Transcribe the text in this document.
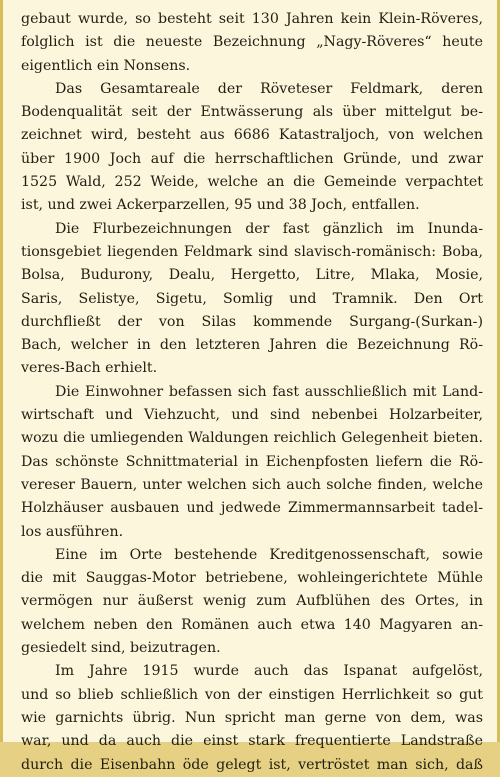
gebaut wurde, so besteht seit 130 Jahren kein Klein-Röveres,
folglich ist die neueste Bezeichnung „Nagy-Röveres“ heute
eigentlich ein Nonsens.
Das Gesamtareale der Röveteser Feldmark, deren
Bodenqualität seit der Entwässerung als über mittelgut be-
zeichnet wird, besteht aus 6686 Katastraljoch, von welchen
über 1900 Joch auf die herrschaftlichen Gründe, und zwar
1525 Wald, 252 Weide, welche an die Gemeinde verpachtet
ist, und zwei Ackerparzellen, 95 und 38 Joch, entfallen.
Die Flurbezeichnungen der fast gänzlich im Inunda-
tionsgebiet liegenden Feldmark sind slavisch-romänisch: Boba,
Bolsa, Budurony, Dealu, Hergetto, Litre, Mlaka, Mosie,
Saris, Selistye, Sigetu, Somlig und Tramnik. Den Ort
durchfließt der von Silas kommende Surgang-(Surkan-)
Bach, welcher in den letzteren Jahren die Bezeichnung Rö-
veres-Bach erhielt.
Die Einwohner befassen sich fast ausschließlich mit Land-
wirtschaft und Viehzucht, und sind nebenbei Holzarbeiter,
wozu die umliegenden Waldungen reichlich Gelegenheit bieten.
Das schönste Schnittmaterial in Eichenpfosten liefern die Rö-
vereser Bauern, unter welchen sich auch solche finden, welche
Holzhäuser ausbauen und jedwede Zimmermannsarbeit tadel-
los ausführen.
Eine im Orte bestehende Kreditgenossenschaft, sowie
die mit Sauggas-Motor betriebene, wohleingerichtete Mühle
vermögen nur äußerst wenig zum Aufblühen des Ortes, in
welchem neben den Romänen auch etwa 140 Magyaren an-
gesiedelt sind, beizutragen.
Im Jahre 1915 wurde auch das Ispanat aufgelöst,
und so blieb schließlich von der einstigen Herrlichkeit so gut
wie garnichts übrig. Nun spricht man gerne von dem, was
war, und da auch die einst stark frequentierte Landstraße
durch die Eisenbahn öde gelegt ist, vertröstet man sich, daß
